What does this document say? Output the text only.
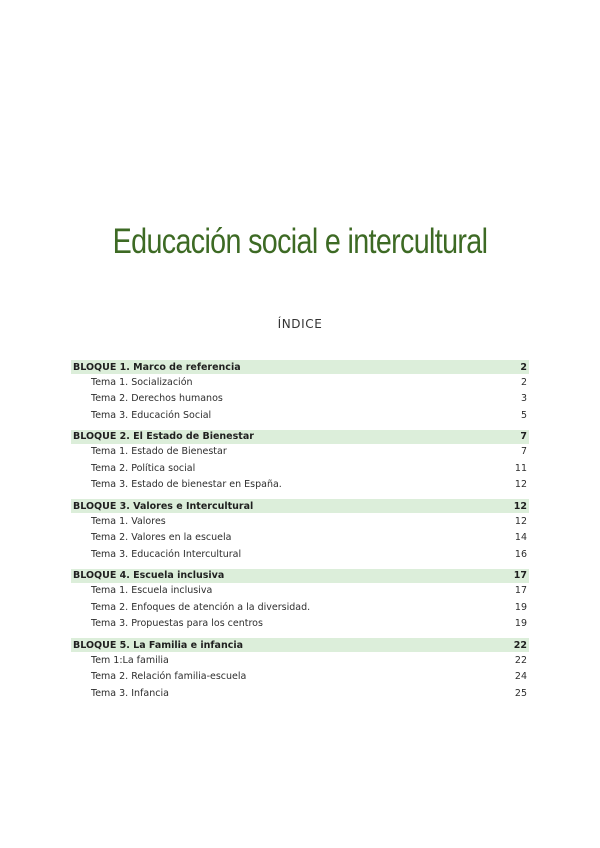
Educación social e intercultural
ÍNDICE
BLOQUE 1. Marco de referencia	2
Tema 1. Socialización	2
Tema 2. Derechos humanos	3
Tema 3. Educación Social	5
BLOQUE 2. El Estado de Bienestar	7
Tema 1. Estado de Bienestar	7
Tema 2. Política social	11
Tema 3. Estado de bienestar en España.	12
BLOQUE 3. Valores e Intercultural	12
Tema 1. Valores	12
Tema 2. Valores en la escuela	14
Tema 3. Educación Intercultural	16
BLOQUE 4. Escuela inclusiva	17
Tema 1. Escuela inclusiva	17
Tema 2. Enfoques de atención a la diversidad.	19
Tema 3. Propuestas para los centros	19
BLOQUE 5. La Familia e infancia	22
Tem 1:La familia	22
Tema 2. Relación familia-escuela	24
Tema 3. Infancia	25
